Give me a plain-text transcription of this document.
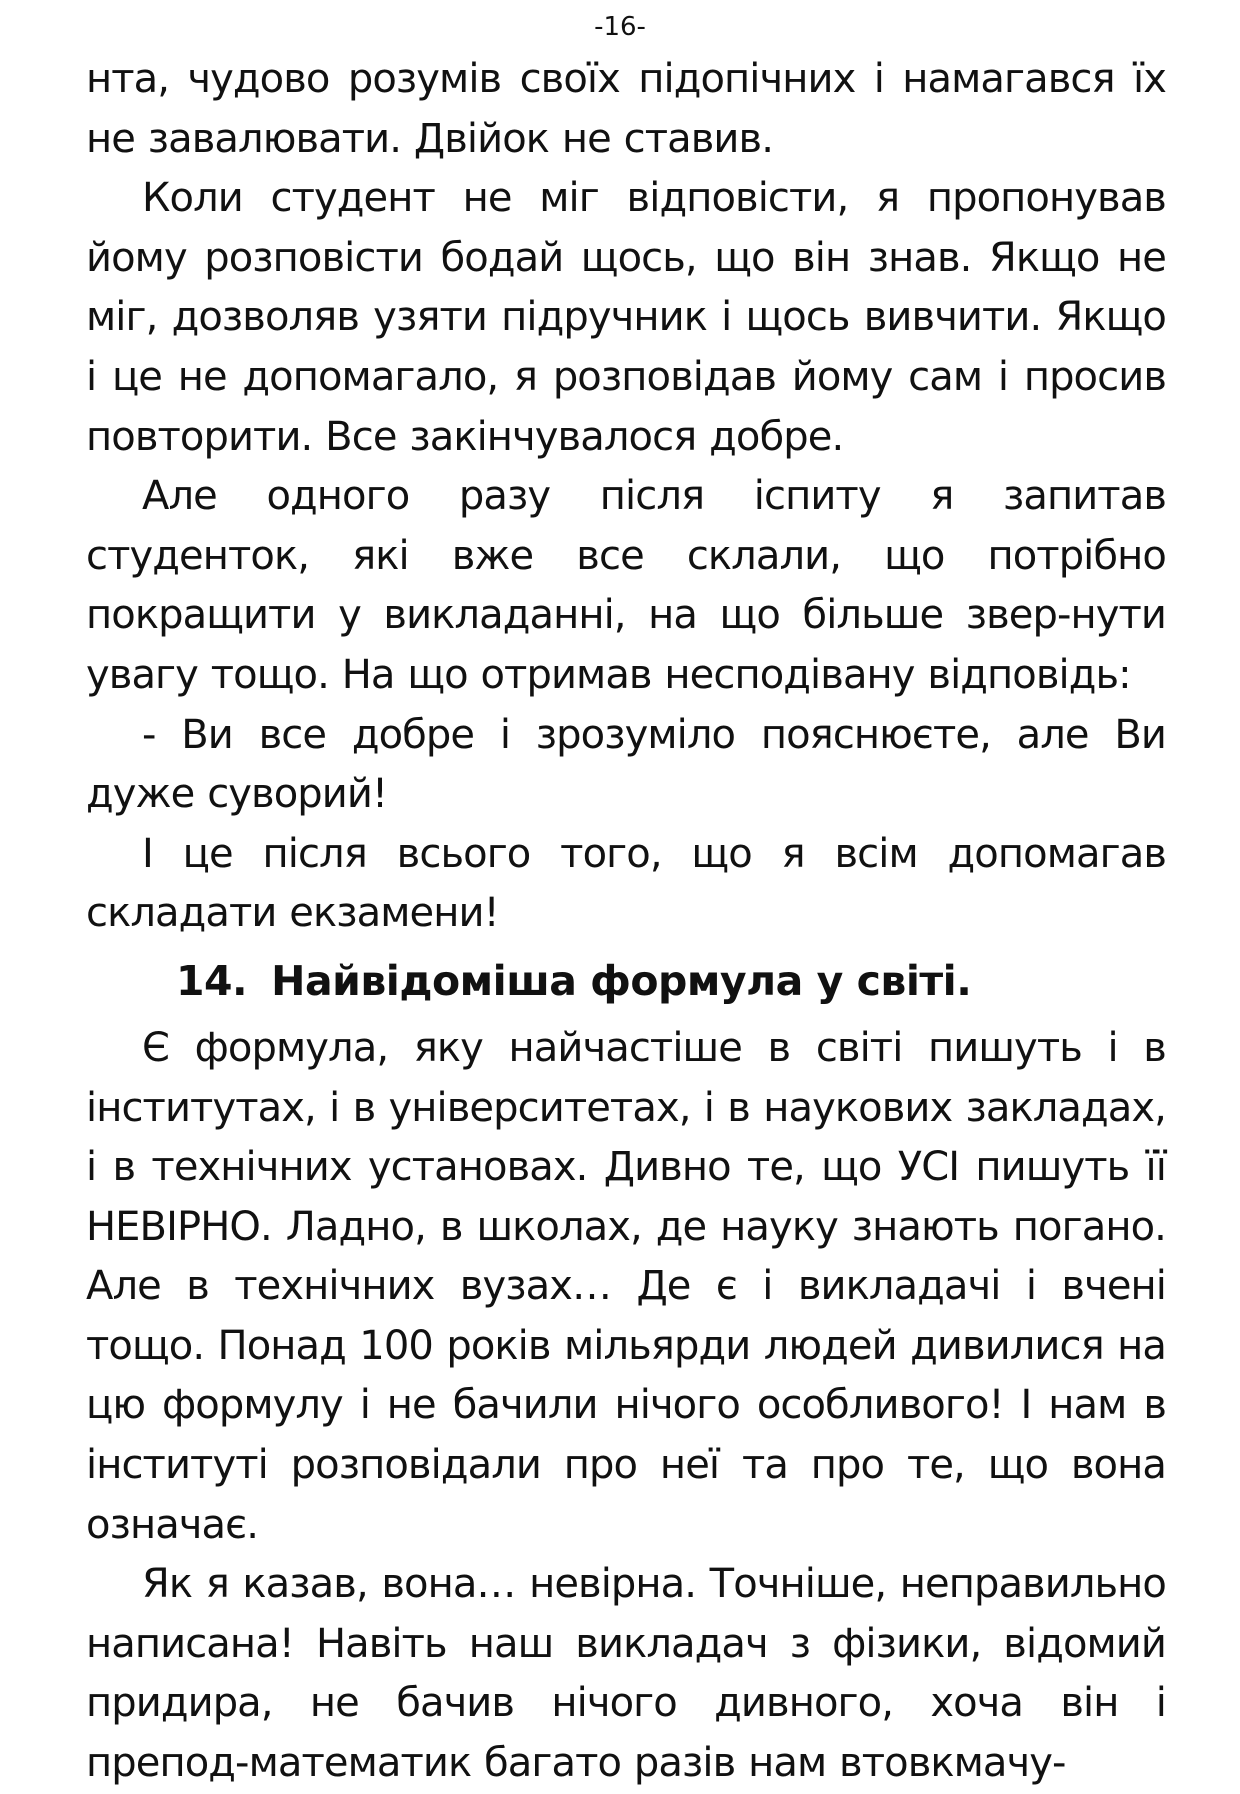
-16-

нта, чудово розумів своїх підопічних і намагався їх не завалювати. Двійок не ставив.

Коли студент не міг відповісти, я пропонував йому розповісти бодай щось, що він знав. Якщо не міг, дозволяв узяти підручник і щось вивчити. Якщо і це не допомагало, я розповідав йому сам і просив повторити. Все закінчувалося добре.

Але одного разу після іспиту я запитав студенток, які вже все склали, що потрібно покращити у викладанні, на що більше звер-нути увагу тощо. На що отримав несподівану відповідь:

- Ви все добре і зрозуміло пояснюєте, але Ви дуже суворий!

І це після всього того, що я всім допомагав складати екзамени!

14. Найвідоміша формула у світі.

Є формула, яку найчастіше в світі пишуть і в інститутах, і в університетах, і в наукових закладах, і в технічних установах. Дивно те, що УСІ пишуть її НЕВІРНО. Ладно, в школах, де науку знають погано. Але в технічних вузах… Де є і викладачі і вчені тощо. Понад 100 років мільярди людей дивилися на цю формулу і не бачили нічого особливого! І нам в інституті розповідали про неї та про те, що вона означає.

Як я казав, вона… невірна. Точніше, неправильно написана! Навіть наш викладач з фізики, відомий придира, не бачив нічого дивного, хоча він і препод-математик багато разів нам втовкмачу-
